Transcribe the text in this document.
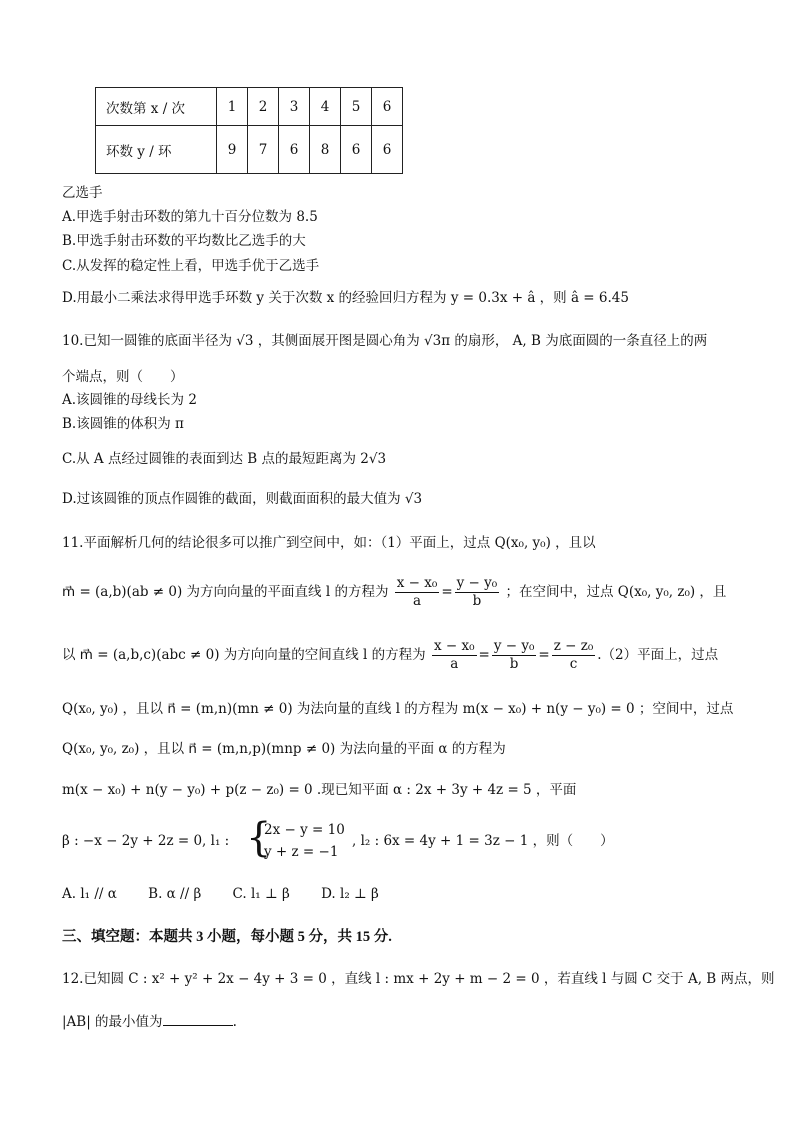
次数第 x / 次	1	2	3	4	5	6
环数 y / 环	9	7	6	8	6	6
乙选手
A.甲选手射击环数的第九十百分位数为 8.5
B.甲选手射击环数的平均数比乙选手的大
C.从发挥的稳定性上看，甲选手优于乙选手
D.用最小二乘法求得甲选手环数 y 关于次数 x 的经验回归方程为 y = 0.3x + â ，则 â = 6.45
10.已知一圆锥的底面半径为 √3 ，其侧面展开图是圆心角为 √3π 的扇形， A, B 为底面圆的一条直径上的两
个端点，则（　　）
A.该圆锥的母线长为 2
B.该圆锥的体积为 π
C.从 A 点经过圆锥的表面到达 B 点的最短距离为 2√3
D.过该圆锥的顶点作圆锥的截面，则截面面积的最大值为 √3
11.平面解析几何的结论很多可以推广到空间中，如：（1）平面上，过点 Q(x₀, y₀) ，且以
m⃗ = (a,b)(ab ≠ 0) 为方向向量的平面直线 l 的方程为 $\frac{\text{x − x₀}}{a} = \frac{\text{y − y₀}}{b}$ ；在空间中，过点 Q(x₀, y₀, z₀) ，且
以 m⃗ = (a,b,c)(abc ≠ 0) 为方向向量的空间直线 l 的方程为 $\frac{\text{x − x₀}}{a} = \frac{\text{y − y₀}}{b} = \frac{\text{z − z₀}}{c} .(2)$平面上，过点
Q(x₀, y₀) ，且以 n⃗ = (m,n)(mn ≠ 0) 为法向量的直线 l 的方程为 m(x − x₀) + n(y − y₀) = 0 ；空间中，过点
Q(x₀, y₀, z₀) ，且以 n⃗ = (m,n,p)(mnp ≠ 0) 为法向量的平面 α 的方程为
m(x − x₀) + n(y − y₀) + p(z − z₀) = 0 .现已知平面 α : 2x + 3y + 4z = 5 ，平面
β : −x − 2y + 2z = 0, l₁ : {
2x − y = 10
y + z = −1
, l₂ : 6x = 4y + 1 = 3z − 1 ，则（　　）
A. l₁ // α　　 B. α // β　　 C. l₁ ⊥ β　　 D. l₂ ⊥ β
三、填空题：本题共 3 小题，每小题 5 分，共 15 分.
12.已知圆 C : x² + y² + 2x − 4y + 3 = 0 ，直线 l : mx + 2y + m − 2 = 0 ，若直线 l 与圆 C 交于 A, B 两点，则
|AB| 的最小值为	.
